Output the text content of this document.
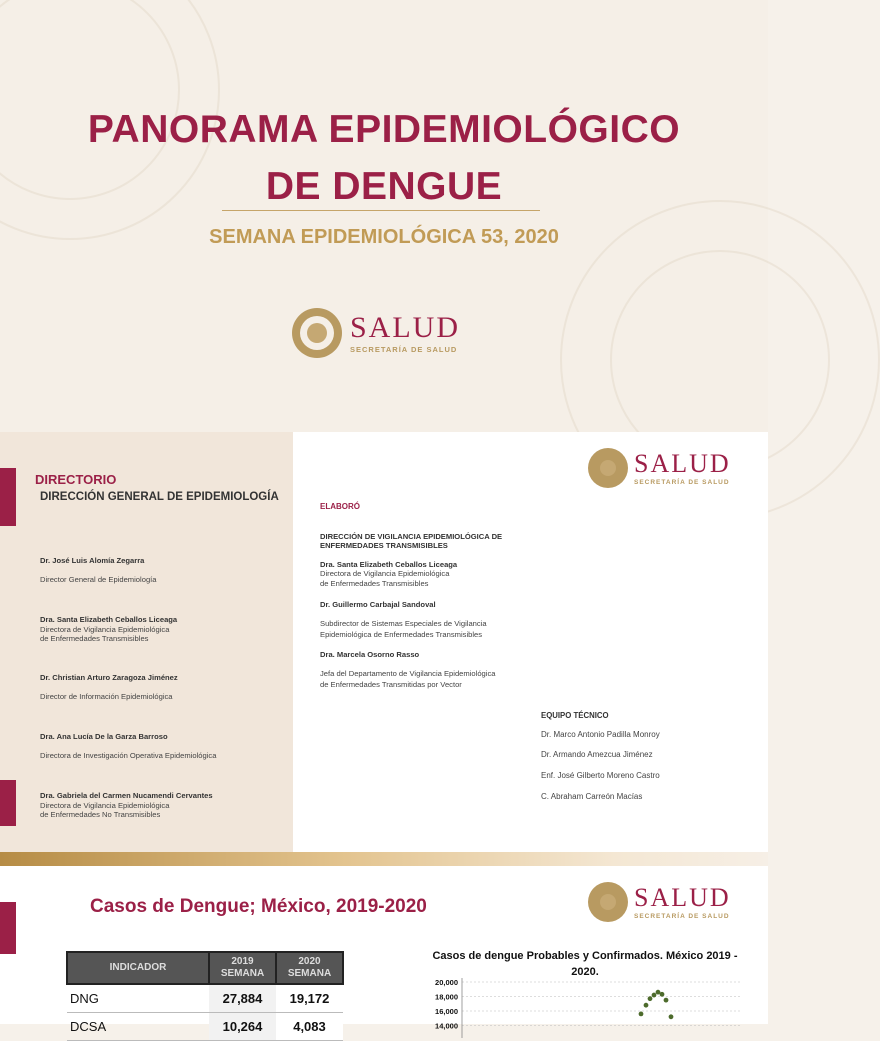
PANORAMA EPIDEMIOLÓGICO
DE DENGUE
SEMANA EPIDEMIOLÓGICA 53, 2020
SALUD
SECRETARÍA DE SALUD
DIRECTORIO
DIRECCIÓN GENERAL DE EPIDEMIOLOGÍA
Dr. José Luis Alomía Zegarra
Director General de Epidemiología
Dra. Santa Elizabeth Ceballos Liceaga
Directora de Vigilancia Epidemiológica
de Enfermedades Transmisibles
Dr. Christian Arturo Zaragoza Jiménez
Director de Información Epidemiológica
Dra. Ana Lucía De la Garza Barroso
Directora de Investigación Operativa Epidemiológica
Dra. Gabriela del Carmen Nucamendi Cervantes
Directora de Vigilancia Epidemiológica
de Enfermedades No Transmisibles
SALUD
SECRETARÍA DE SALUD
ELABORÓ
DIRECCIÓN DE VIGILANCIA EPIDEMIOLÓGICA DE
ENFERMEDADES TRANSMISIBLES
Dra. Santa Elizabeth Ceballos Liceaga
Directora de Vigilancia Epidemiológica
de Enfermedades Transmisibles
Dr. Guillermo Carbajal Sandoval
Subdirector de Sistemas Especiales de Vigilancia
Epidemiológica de Enfermedades Transmisibles
Dra. Marcela Osorno Rasso
Jefa del Departamento de Vigilancia Epidemiológica
de Enfermedades Transmitidas por Vector
EQUIPO TÉCNICO
Dr. Marco Antonio Padilla Monroy
Dr. Armando Amezcua Jiménez
Enf. José Gilberto Moreno Castro
C. Abraham Carreón Macías
Casos de Dengue; México, 2019-2020	SALUD
SECRETARÍA DE SALUD
INDICADOR	2019 SEMANA	2020 SEMANA
DNG	27,884	19,172
DCSA	10,264	4,083
Casos de dengue Probables y Confirmados. México 2019 - 2020.
20,000
18,000
16,000
14,000
